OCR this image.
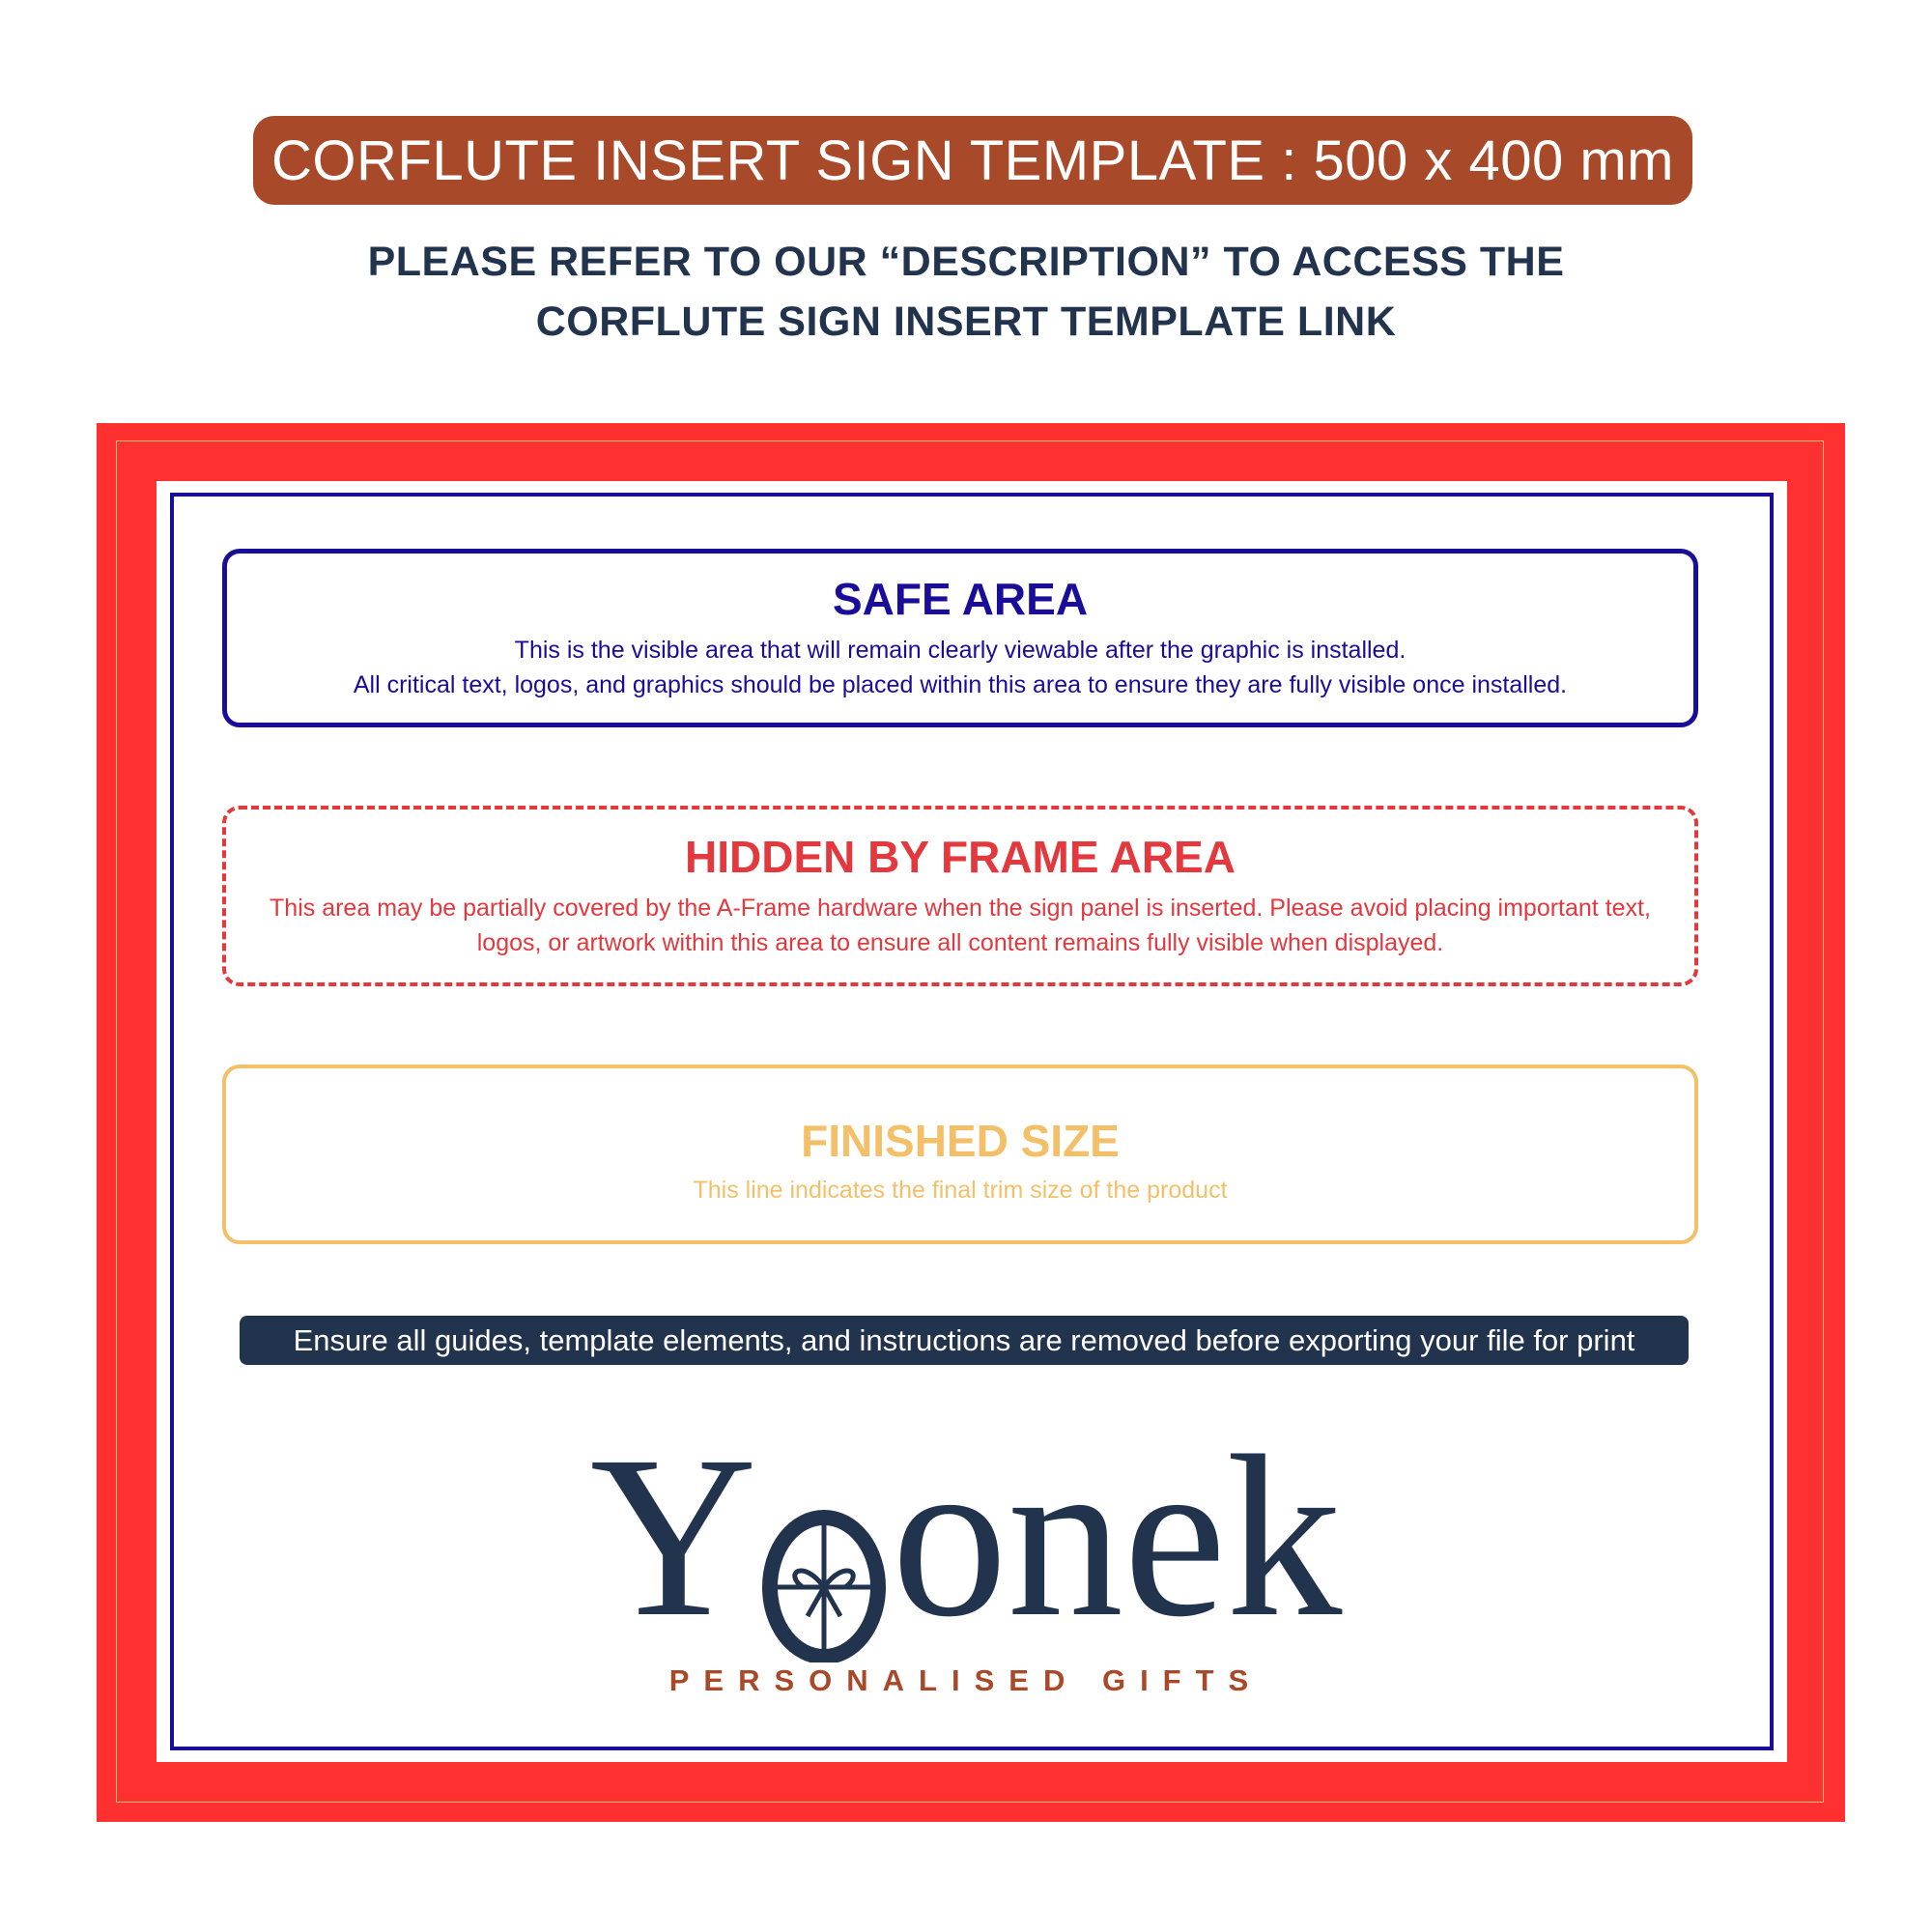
CORFLUTE INSERT SIGN TEMPLATE : 500 x 400 mm
PLEASE REFER TO OUR “DESCRIPTION” TO ACCESS THE
CORFLUTE SIGN INSERT TEMPLATE LINK
SAFE AREA
This is the visible area that will remain clearly viewable after the graphic is installed.
All critical text, logos, and graphics should be placed within this area to ensure they are fully visible once installed.
HIDDEN BY FRAME AREA
This area may be partially covered by the A-Frame hardware when the sign panel is inserted. Please avoid placing important text, logos, or artwork within this area to ensure all content remains fully visible when displayed.
FINISHED SIZE
This line indicates the final trim size of the product
Ensure all guides, template elements, and instructions are removed before exporting your file for print
Y onek
PERSONALISED GIFTS
